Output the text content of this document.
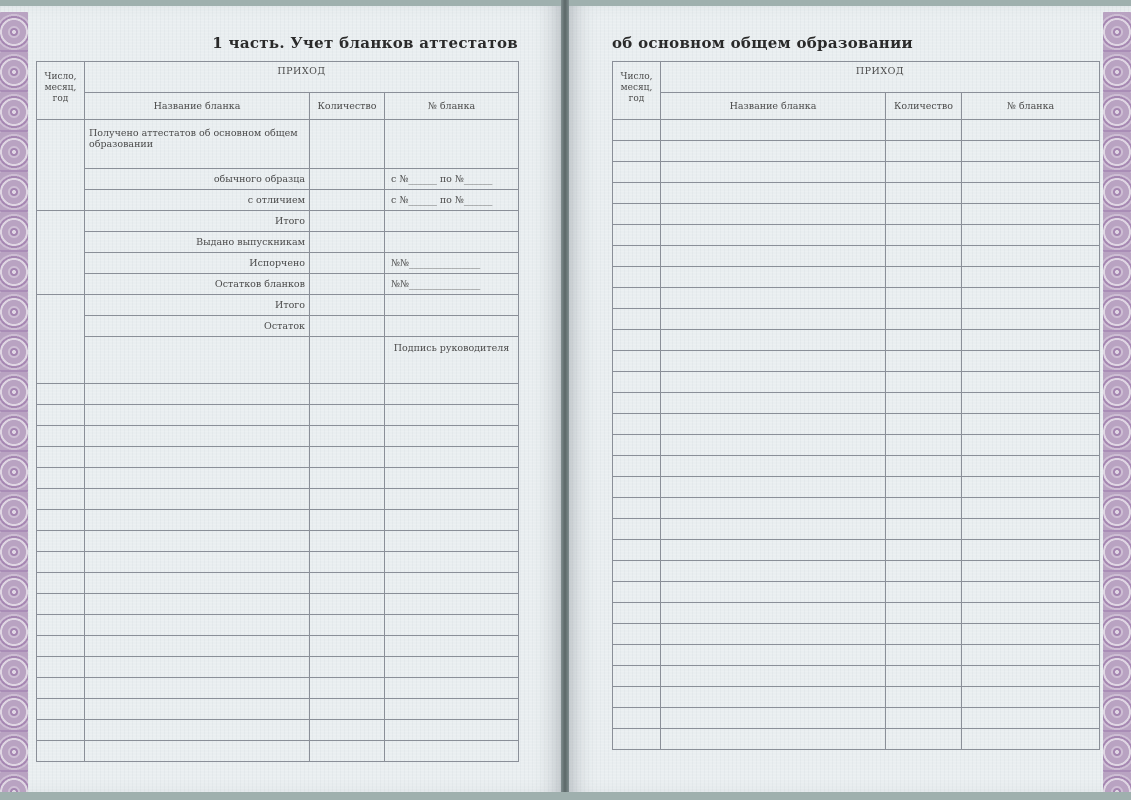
1 часть. Учет бланков аттестатов
Число,
месяц,
год	ПРИХОД		
	Название бланка	Количество	№ бланка
	Получено аттестатов об основном общем образовании		

	обычного образца		с №______ по №______
	с отличием		с №______ по №______
	Итого		
	Выдано выпускникам		
	Испорчено		№№_______________
	Остатков бланков		№№_______________
	Итого		
	Остаток		
			Подпись руководителя

об основном общем образовании
Число,
месяц,
год	ПРИХОД		
	Название бланка	Количество	№ бланка
